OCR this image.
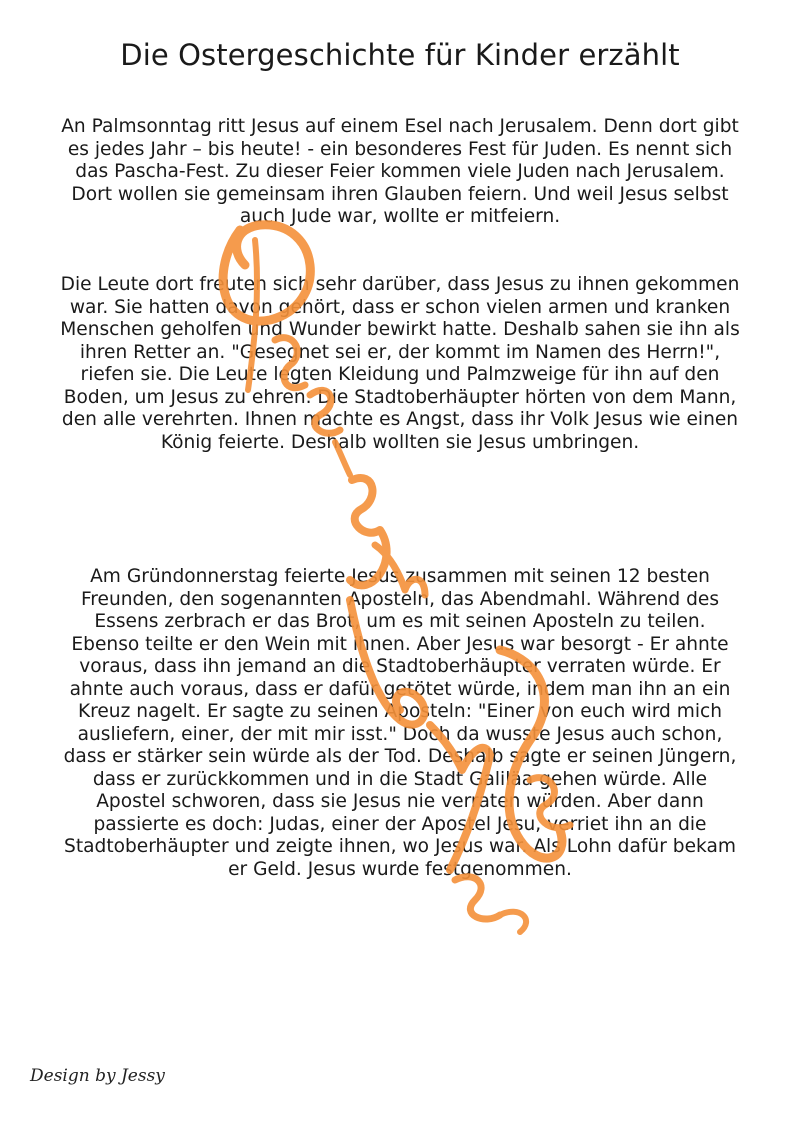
Die Ostergeschichte für Kinder erzählt

An Palmsonntag ritt Jesus auf einem Esel nach Jerusalem. Denn dort gibt es jedes Jahr – bis heute! - ein besonderes Fest für Juden. Es nennt sich das Pascha-Fest. Zu dieser Feier kommen viele Juden nach Jerusalem. Dort wollen sie gemeinsam ihren Glauben feiern. Und weil Jesus selbst auch Jude war, wollte er mitfeiern.

Die Leute dort freuten sich sehr darüber, dass Jesus zu ihnen gekommen war. Sie hatten davon gehört, dass er schon vielen armen und kranken Menschen geholfen und Wunder bewirkt hatte. Deshalb sahen sie ihn als ihren Retter an. "Gesegnet sei er, der kommt im Namen des Herrn!", riefen sie. Die Leute legten Kleidung und Palmzweige für ihn auf den Boden, um Jesus zu ehren. Die Stadtoberhäupter hörten von dem Mann, den alle verehrten. Ihnen machte es Angst, dass ihr Volk Jesus wie einen König feierte. Deshalb wollten sie Jesus umbringen.

Am Gründonnerstag feierte Jesus zusammen mit seinen 12 besten Freunden, den sogenannten Aposteln, das Abendmahl. Während des Essens zerbrach er das Brot, um es mit seinen Aposteln zu teilen. Ebenso teilte er den Wein mit ihnen. Aber Jesus war besorgt - Er ahnte voraus, dass ihn jemand an die Stadtoberhäupter verraten würde. Er ahnte auch voraus, dass er dafür getötet würde, indem man ihn an ein Kreuz nagelt. Er sagte zu seinen Aposteln: "Einer von euch wird mich ausliefern, einer, der mit mir isst." Doch da wusste Jesus auch schon, dass er stärker sein würde als der Tod. Deshalb sagte er seinen Jüngern, dass er zurückkommen und in die Stadt Galiläa gehen würde. Alle Apostel schworen, dass sie Jesus nie verraten würden. Aber dann passierte es doch: Judas, einer der Apostel Jesu, verriet ihn an die Stadtoberhäupter und zeigte ihnen, wo Jesus war. Als Lohn dafür bekam er Geld. Jesus wurde festgenommen.

Design by Jessy
